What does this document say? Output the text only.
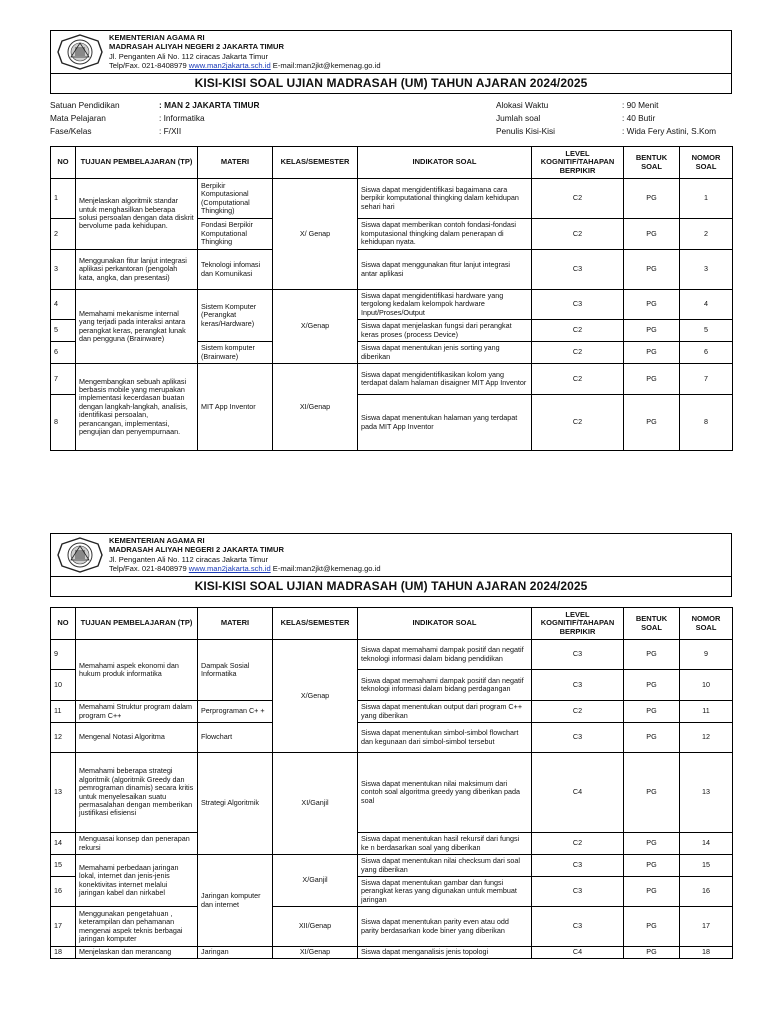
KEMENTERIAN AGAMA RI
MADRASAH ALIYAH NEGERI 2 JAKARTA TIMUR
Jl. Penganten Ali No. 112 ciracas Jakarta Timur
Telp/Fax. 021-8408979 www.man2jakarta.sch.id E-mail:man2jkt@kemenag.go.id
KISI-KISI SOAL UJIAN MADRASAH (UM) TAHUN AJARAN 2024/2025
Satuan Pendidikan	: MAN 2 JAKARTA TIMUR
Mata Pelajaran	: Informatika
Fase/Kelas	: F/XII
Alokasi Waktu	: 90 Menit
Jumlah soal	: 40 Butir
Penulis Kisi-Kisi	: Wida Fery Astini, S.Kom
NO	TUJUAN PEMBELAJARAN (TP)	MATERI	KELAS/SEMESTER	INDIKATOR SOAL	LEVEL KOGNITIF/TAHAPAN BERPIKIR	BENTUK SOAL	NOMOR SOAL
1	Menjelaskan algoritmik standar untuk menghasilkan beberapa solusi persoalan dengan data diskrit bervolume pada kehidupan.	Berpikir Komputasional (Computational Thingking)	X/ Genap	Siswa dapat mengidentifikasi bagaimana cara berpikir komputational thingking dalam kehidupan sehari hari	C2	PG	1
2		Fondasi Berpikir Komputational Thingking		Siswa dapat memberikan contoh fondasi-fondasi komputasional thingking dalam penerapan di kehidupan nyata.	C2	PG	2
3	Menggunakan fitur lanjut integrasi aplikasi perkantoran (pengolah kata, angka, dan presentasi)	Teknologi infomasi dan Komunikasi		Siswa dapat menggunakan fitur lanjut integrasi antar aplikasi	C3	PG	3
4	Memahami mekanisme internal yang terjadi pada interaksi antara perangkat keras, perangkat lunak dan pengguna (Brainware)	Sistem Komputer (Perangkat keras/Hardware)	X/Genap	Siswa dapat mengidentifikasi hardware yang tergolong kedalam kelompok hardware Input/Proses/Output	C3	PG	4
5				Siswa dapat menjelaskan fungsi dari perangkat keras proses (process Device)	C2	PG	5
6		Sistem komputer (Brainware)		Siswa dapat menentukan jenis sorting yang diberikan	C2	PG	6
7	Mengembangkan sebuah aplikasi berbasis mobile yang merupakan implementasi kecerdasan buatan dengan langkah-langkah, analisis, identifikasi persoalan, perancangan, implementasi, pengujian dan penyempurnaan.	MIT App Inventor	XI/Genap	Siswa dapat mengidentifikasikan kolom yang terdapat dalam halaman disaigner MIT App Inventor	C2	PG	7
8				Siswa dapat menentukan halaman yang terdapat pada MIT App Inventor	C2	PG	8
KEMENTERIAN AGAMA RI
MADRASAH ALIYAH NEGERI 2 JAKARTA TIMUR
Jl. Penganten Ali No. 112 ciracas Jakarta Timur
Telp/Fax. 021-8408979 www.man2jakarta.sch.id E-mail:man2jkt@kemenag.go.id
KISI-KISI SOAL UJIAN MADRASAH (UM) TAHUN AJARAN 2024/2025
NO	TUJUAN PEMBELAJARAN (TP)	MATERI	KELAS/SEMESTER	INDIKATOR SOAL	LEVEL KOGNITIF/TAHAPAN BERPIKIR	BENTUK SOAL	NOMOR SOAL
9	Memahami aspek ekonomi dan hukum produk informatika	Dampak Sosial Informatika	X/Genap	Siswa dapat memahami dampak positif dan negatif teknologi informasi dalam bidang pendidikan	C3	PG	9
10				Siswa dapat memahami dampak positif dan negatif teknologi informasi dalam bidang perdagangan	C3	PG	10
11	Memahami Struktur program dalam program C++	Perprograman C+ +		Siswa dapat menentukan output dari program C++ yang diberikan	C2	PG	11
12	Mengenal Notasi Algoritma	Flowchart		Siswa dapat menentukan simbol-simbol flowchart dan kegunaan dari simbol-simbol tersebut	C3	PG	12
13	Memahami beberapa strategi algoritmik (algoritmik Greedy dan pemrograman dinamis) secara kritis untuk menyelesaikan suatu permasalahan dengan memberikan justifikasi efisiensi	Strategi Algoritmik	XI/Ganjil	Siswa dapat menentukan nilai maksimum dari contoh soal algoritma greedy yang diberikan pada soal	C4	PG	13
14	Menguasai konsep dan penerapan rekursi			Siswa dapat menentukan hasil rekursif dari fungsi ke n berdasarkan soal yang diberikan	C2	PG	14
15	Memahami perbedaan jaringan lokal, internet dan jenis-jenis konektivitas internet melalui jaringan kabel dan nirkabel	Jaringan komputer dan internet	X/Ganjil	Siswa dapat menentukan nilai checksum dari soal yang diberikan	C3	PG	15
16				Siswa dapat menentukan gambar dan fungsi perangkat keras yang digunakan untuk membuat jaringan	C3	PG	16
17	Menggunakan pengetahuan , keterampilan dan pehamanan mengenai aspek teknis berbagai jaringan komputer		XII/Genap	Siswa dapat menentukan parity even atau odd parity berdasarkan kode biner yang diberikan	C3	PG	17
18	Menjelaskan dan merancang	Jaringan	XI/Genap	Siswa dapat menganalisis jenis topologi	C4	PG	18
